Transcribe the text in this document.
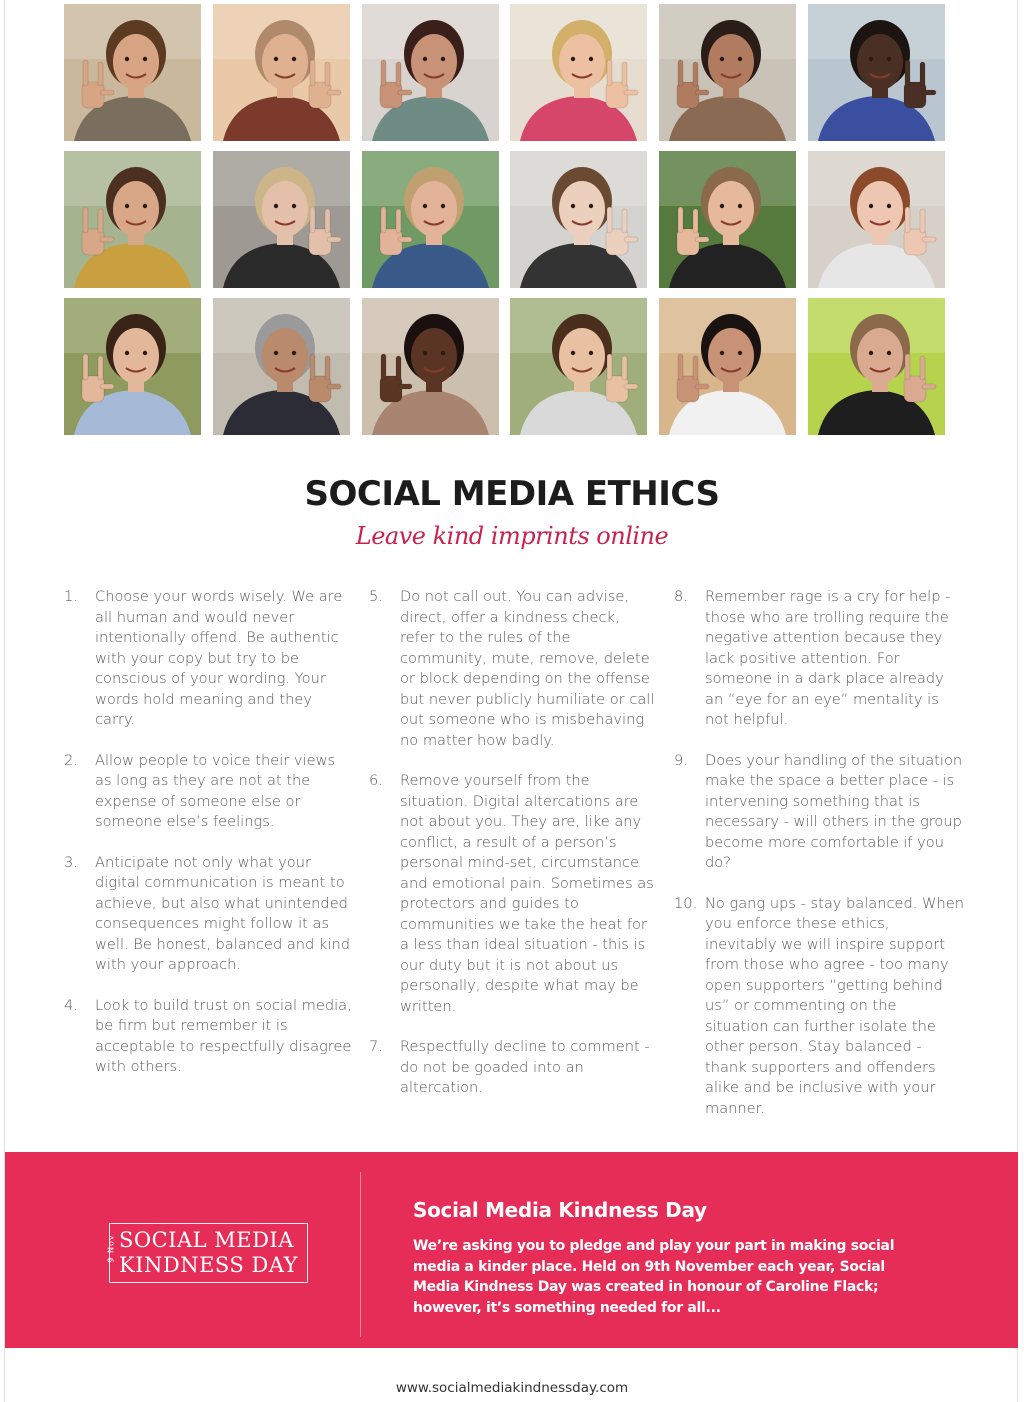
SOCIAL MEDIA ETHICS
Leave kind imprints online
1.	Choose your words wisely. We are all human and would never intentionally offend. Be authentic with your copy but try to be conscious of your wording. Your words hold meaning and they carry.
2.	Allow people to voice their views as long as they are not at the expense of someone else or someone else’s feelings.
3.	Anticipate not only what your digital communication is meant to achieve, but also what unintended consequences might follow it as well. Be honest, balanced and kind with your approach.
4.	Look to build trust on social media, be firm but remember it is acceptable to respectfully disagree with others.
5.	Do not call out. You can advise, direct, offer a kindness check, refer to the rules of the community, mute, remove, delete or block depending on the offense but never publicly humiliate or call out someone who is misbehaving no matter how badly.
6.	Remove yourself from the situation. Digital altercations are not about you. They are, like any conflict, a result of a person’s personal mind-set, circumstance and emotional pain. Sometimes as protectors and guides to communities we take the heat for a less than ideal situation - this is our duty but it is not about us personally, despite what may be written.
7.	Respectfully decline to comment - do not be goaded into an altercation.
8.	Remember rage is a cry for help - those who are trolling require the negative attention because they lack positive attention. For someone in a dark place already an “eye for an eye” mentality is not helpful.
9.	Does your handling of the situation make the space a better place - is intervening something that is necessary - will others in the group become more comfortable if you do?
10. No gang ups - stay balanced. When you enforce these ethics, inevitably we will inspire support from those who agree - too many open supporters “getting behind us” or commenting on the situation can further isolate the other person. Stay balanced - thank supporters and offenders alike and be inclusive with your manner.
9 Nov SOCIAL MEDIA
KINDNESS DAY
Social Media Kindness Day
We’re asking you to pledge and play your part in making social media a kinder place. Held on 9th November each year, Social Media Kindness Day was created in honour of Caroline Flack; however, it’s something needed for all...
www.socialmediakindnessday.com
